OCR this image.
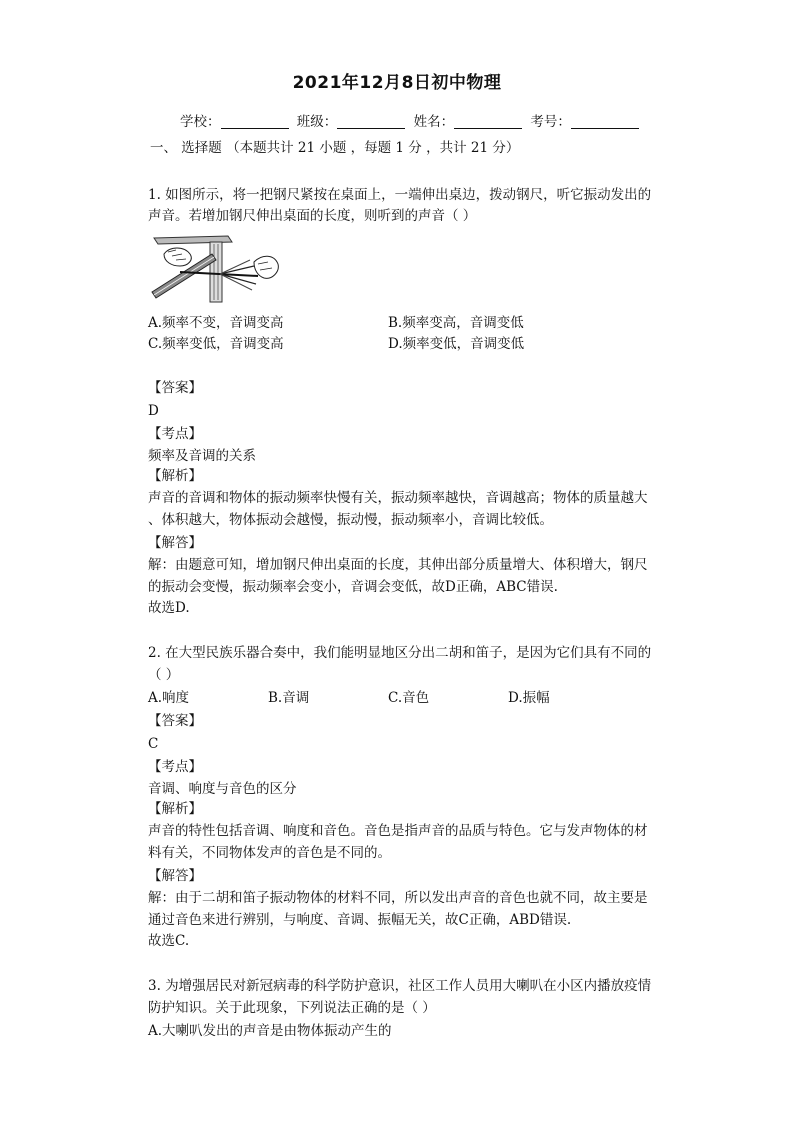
2021年12月8日初中物理
学校：	班级：	姓名：	考号：
一、 选择题 （本题共计 21 小题 ，每题 1 分 ，共计 21 分）
1. 如图所示，将一把钢尺紧按在桌面上，一端伸出桌边，拨动钢尺，听它振动发出的
声音。若增加钢尺伸出桌面的长度，则听到的声音（ ）
A.频率不变，音调变高	B.频率变高，音调变低
C.频率变低，音调变高	D.频率变低，音调变低
【答案】
D
【考点】
频率及音调的关系
【解析】
声音的音调和物体的振动频率快慢有关，振动频率越快，音调越高；物体的质量越大
、体积越大，物体振动会越慢，振动慢，振动频率小，音调比较低。
【解答】
解：由题意可知，增加钢尺伸出桌面的长度，其伸出部分质量增大、体积增大，钢尺
的振动会变慢，振动频率会变小，音调会变低，故D正确，ABC错误.
故选D.
2. 在大型民族乐器合奏中，我们能明显地区分出二胡和笛子，是因为它们具有不同的
（ ）
A.响度	B.音调	C.音色	D.振幅
【答案】
C
【考点】
音调、响度与音色的区分
【解析】
声音的特性包括音调、响度和音色。音色是指声音的品质与特色。它与发声物体的材
料有关，不同物体发声的音色是不同的。
【解答】
解：由于二胡和笛子振动物体的材料不同，所以发出声音的音色也就不同，故主要是
通过音色来进行辨别，与响度、音调、振幅无关，故C正确，ABD错误.
故选C.
3. 为增强居民对新冠病毒的科学防护意识，社区工作人员用大喇叭在小区内播放疫情
防护知识。关于此现象，下列说法正确的是（ ）
A.大喇叭发出的声音是由物体振动产生的
